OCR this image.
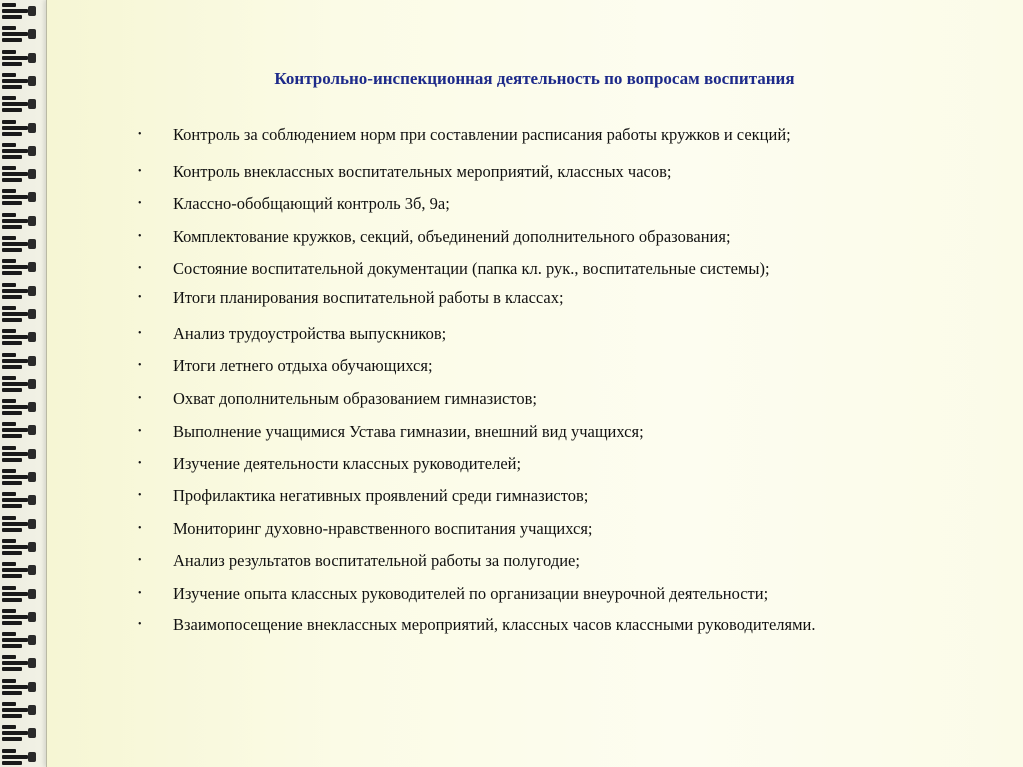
Контрольно-инспекционная деятельность по вопросам воспитания
• Контроль за соблюдением норм при составлении расписания работы кружков и секций;
• Контроль внеклассных воспитательных мероприятий, классных часов;
• Классно-обобщающий контроль 3б, 9а;
• Комплектование кружков, секций, объединений дополнительного образования;
• Состояние воспитательной документации (папка кл. рук., воспитательные системы);
• Итоги планирования воспитательной работы в классах;
• Анализ трудоустройства выпускников;
• Итоги летнего отдыха обучающихся;
• Охват дополнительным образованием гимназистов;
• Выполнение учащимися Устава гимназии, внешний вид учащихся;
• Изучение деятельности классных руководителей;
• Профилактика негативных проявлений среди гимназистов;
• Мониторинг духовно-нравственного воспитания учащихся;
• Анализ результатов воспитательной работы за полугодие;
• Изучение опыта классных руководителей по организации внеурочной деятельности;
• Взаимопосещение внеклассных мероприятий, классных часов классными руководителями.
